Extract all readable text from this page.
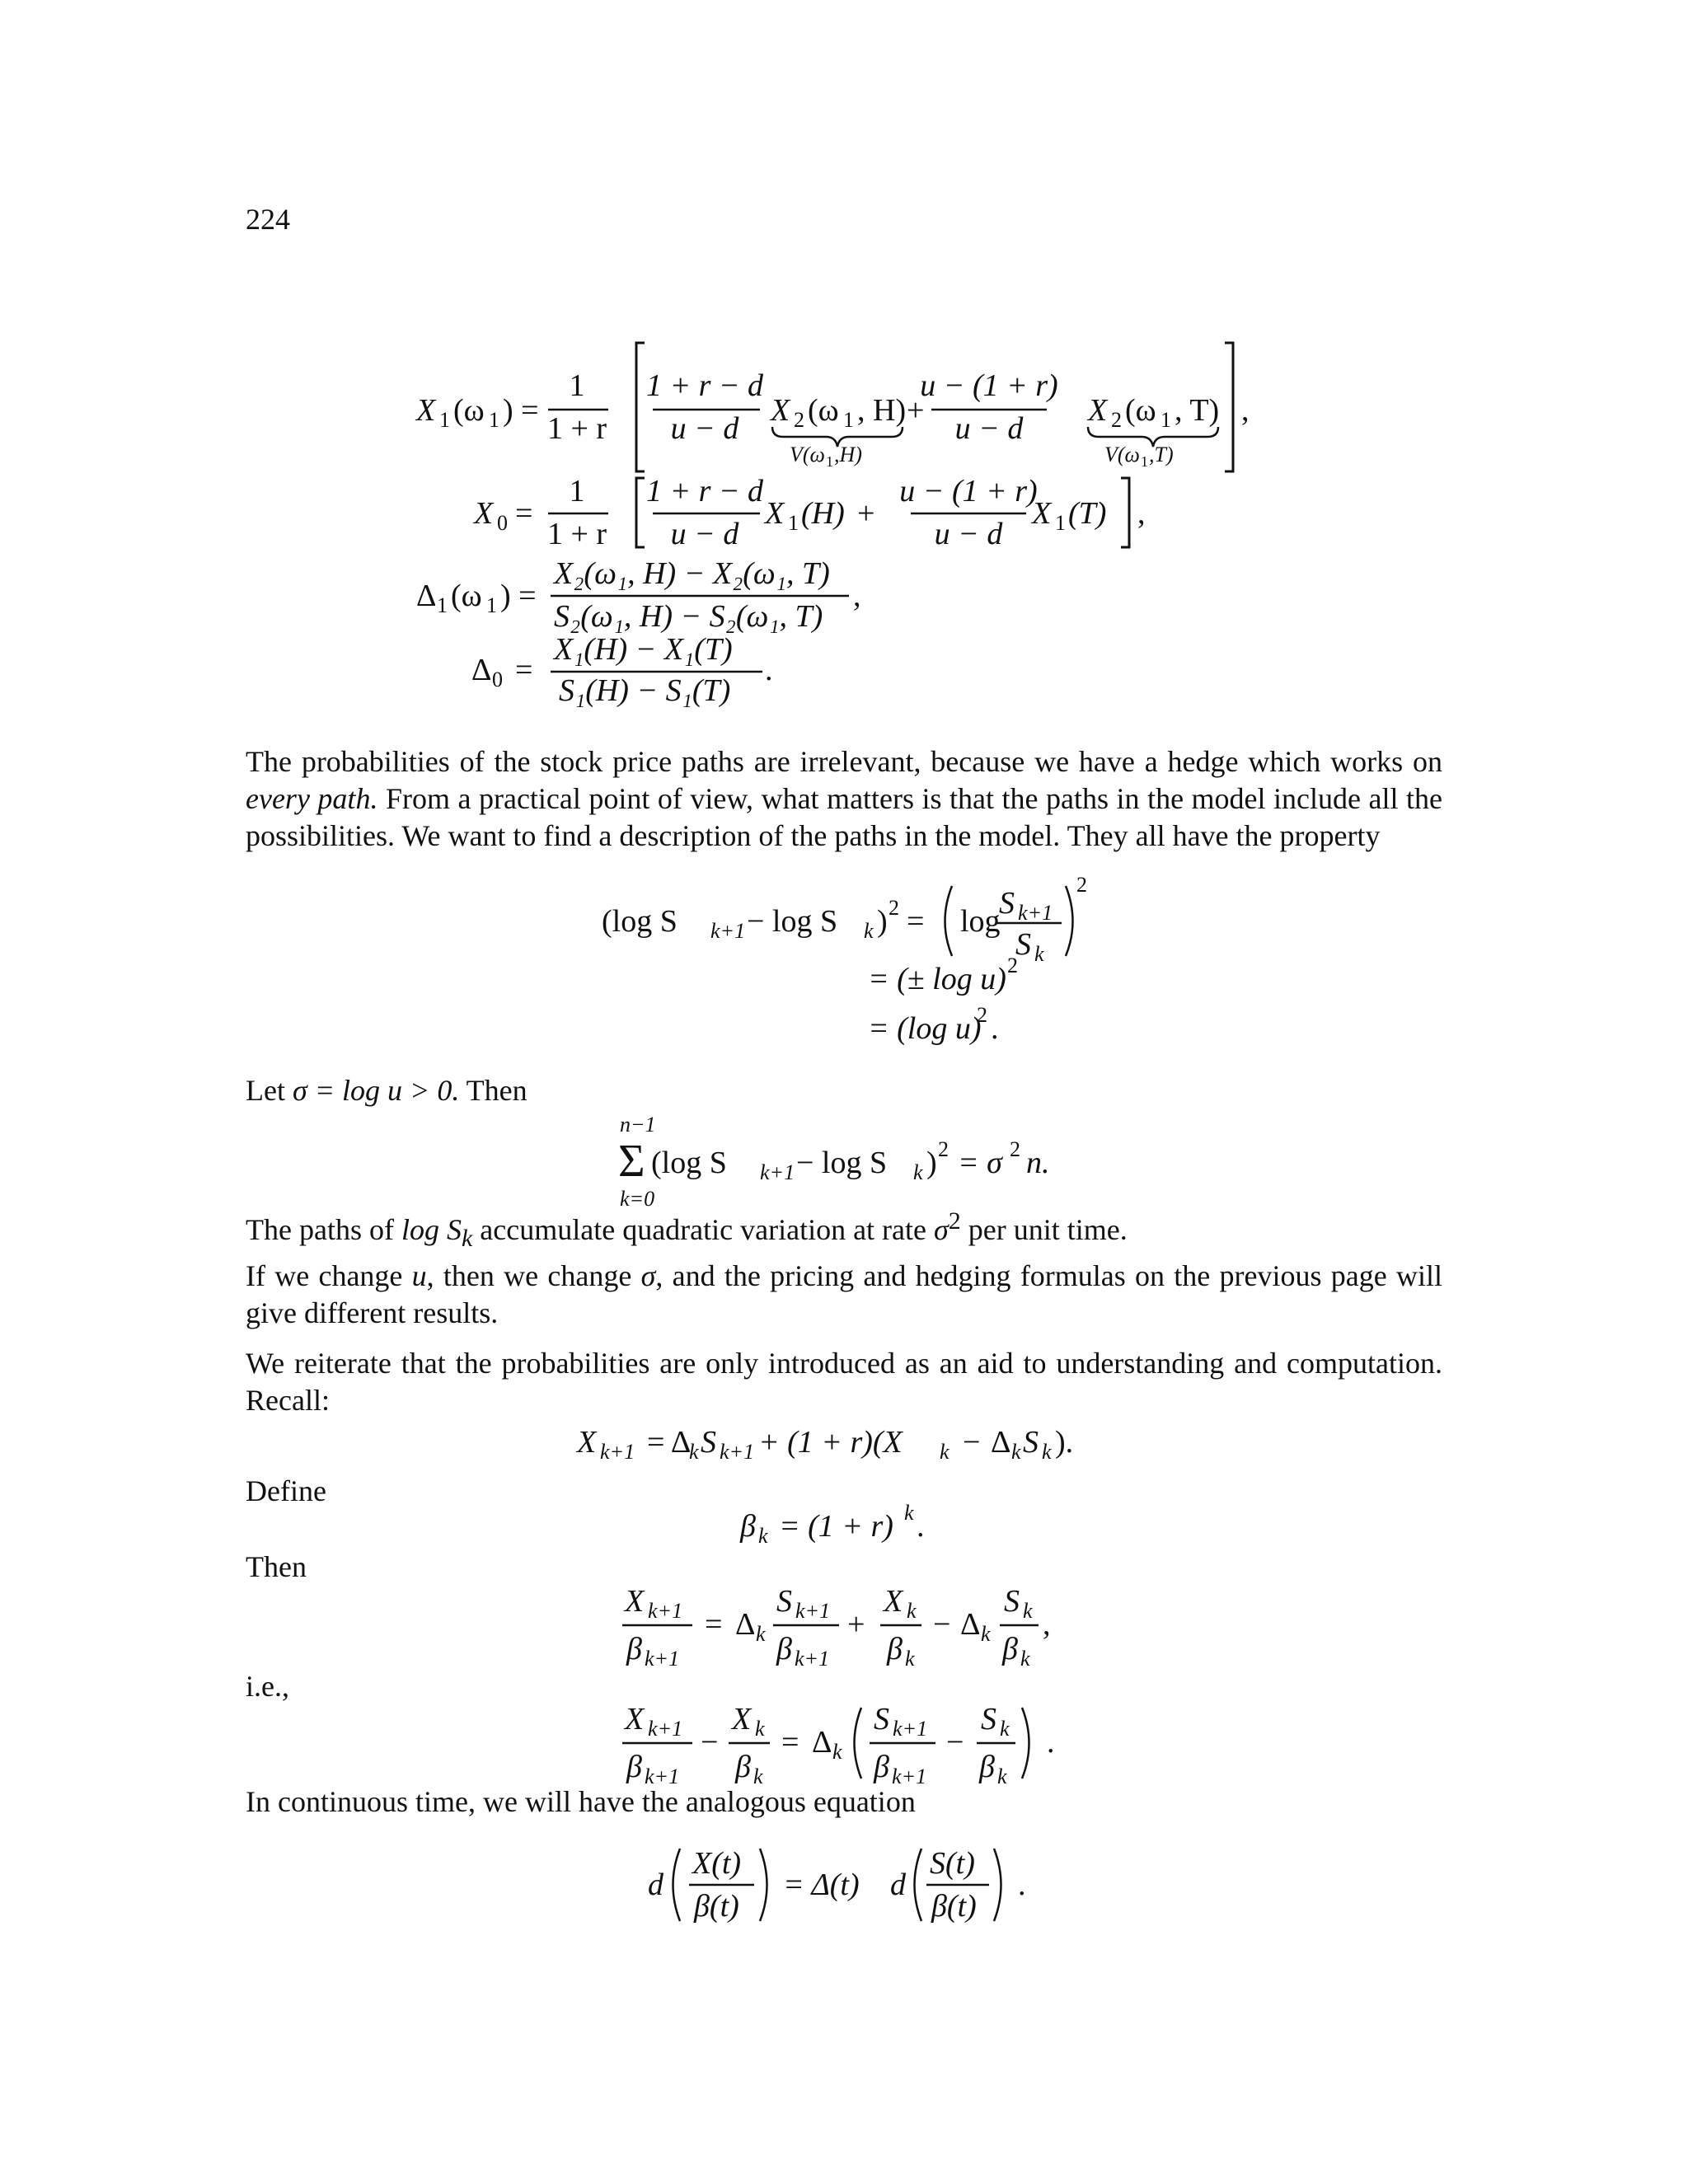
224
X 1 (ω 1 ) =
1
1 + r
1 + r − d
u − d
X 2 (ω 1 , H)
V(ω 1 ,H)
+
u − (1 + r)
u − d
X 2 (ω 1 , T)
V(ω 1 ,T)
,
X 0 =
1
1 + r
1 + r − d
u − d
X 1 (H) +
u − (1 + r)
u − d
X 1 (T) ,
Δ 1 (ω 1 ) =
X₂(ω₁, H) − X₂(ω₁, T)
S₂(ω₁, H) − S₂(ω₁, T)
,
Δ 0 =
X₁(H) − X₁(T)
S₁(H) − S₁(T)
.

The probabilities of the stock price paths are irrelevant, because we have a hedge which works on every path. From a practical point of view, what matters is that the paths in the model include all the possibilities. We want to find a description of the paths in the model. They all have the property

(log S k+1 − log S k ) 2 = log
S k+1
S k
2
= (± log u) 2
= (log u)
2 .

Let σ = log u > 0. Then

n−1
Σ
k=0
(log S k+1 − log S k ) 2 = σ 2 n.

The paths of $\log S_k$ accumulate quadratic variation at rate $\sigma^2$ per unit time.

If we change u, then we change σ, and the pricing and hedging formulas on the previous page will give different results.

We reiterate that the probabilities are only introduced as an aid to understanding and computation. Recall:

X k+1 = Δ
k S k+1 + (1 + r)(X k − Δ k S k ).

Define

β k = (1 + r) k .

Then

X k+1
β k+1
= Δ k
S k+1
β k+1
+
X k
β k
− Δ k
S k
β k
,

i.e.,

X k+1
β k+1
−
X k
β k
= Δ k
S k+1
β k+1
−
S k
β k
.

In continuous time, we will have the analogous equation

d
X(t)
β(t)
= Δ(t) d
S(t)
β(t)
.
